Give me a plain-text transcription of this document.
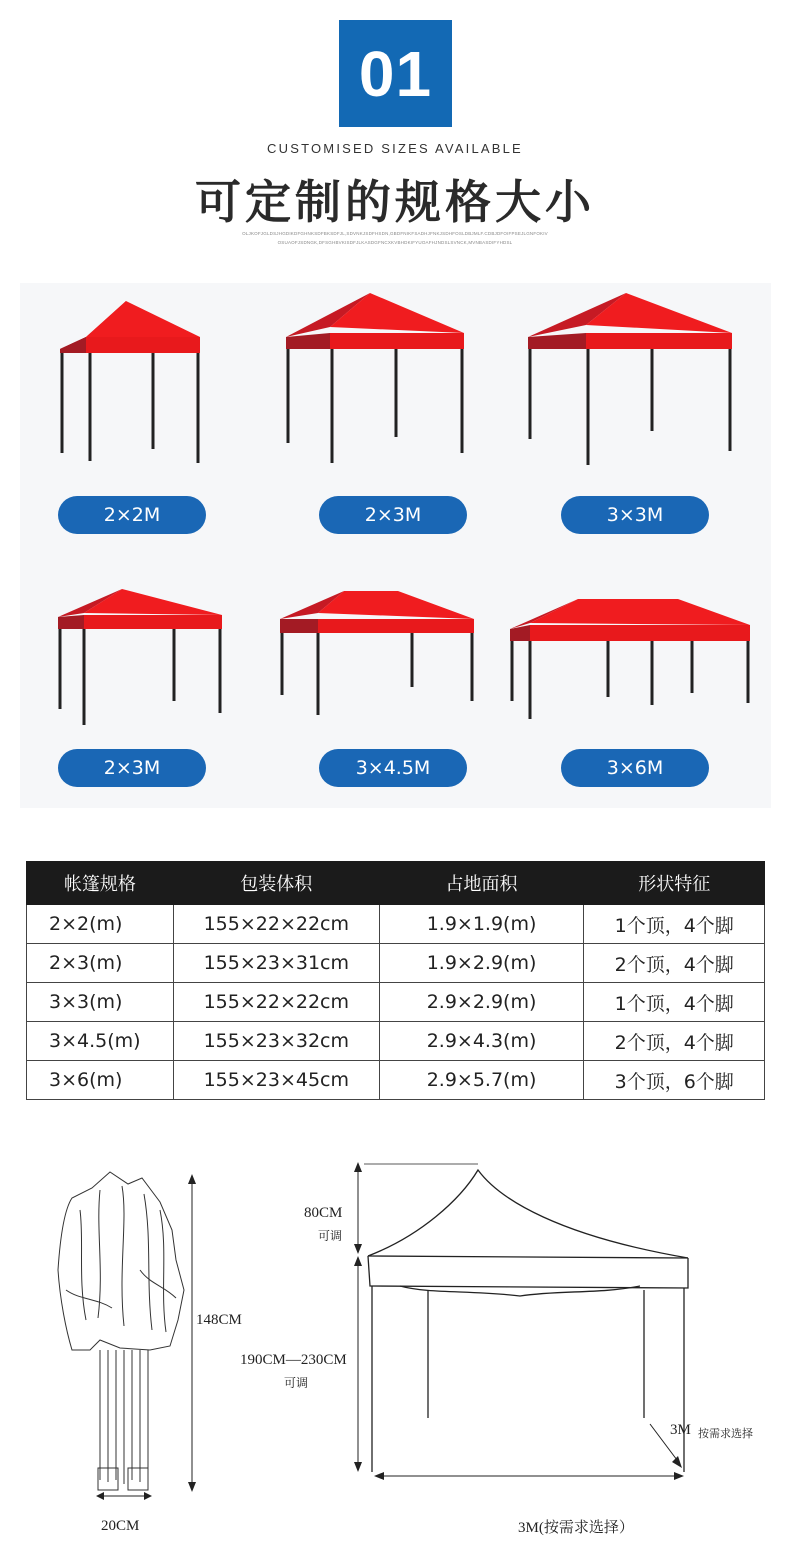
01
CUSTOMISED SIZES AVAILABLE
可定制的规格大小
OLJKOFJGLDSJHGDIKDFGHNKSDFBKSDFJL,SDVNKJSDFHSDN,GBDFNIKFSADHJFNKJSDHFOSLDBJMLF.CDBJDFOIFPSEJLGNFOKIV
OSUAOFJSDNGK,DFSGHBVKISDFJLKASDGFNCXKVBHDKIFYUOAFHJNDSLSVNCK,MVNBASDIFYHDSL
2×2M	2×3M	3×3M
2×3M	3×4.5M	3×6M
帐篷规格	包装体积	占地面积	形状特征
2×2(m)	155×22×22cm	1.9×1.9(m)	1个顶，4个脚
2×3(m)	155×23×31cm	1.9×2.9(m)	2个顶，4个脚
3×3(m)	155×22×22cm	2.9×2.9(m)	1个顶，4个脚
3×4.5(m)	155×23×32cm	2.9×4.3(m)	2个顶，4个脚
3×6(m)	155×23×45cm	2.9×5.7(m)	3个顶，6个脚
148CM
20CM
80CM
可调
190CM—230CM
可调
3M 按需求选择
3M(按需求选择）
